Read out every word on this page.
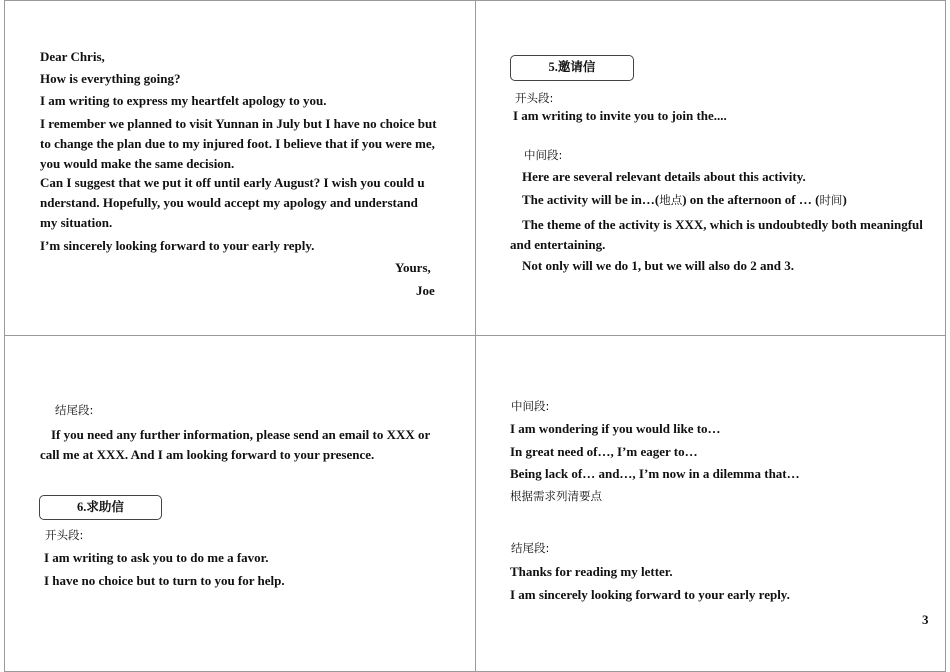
Dear Chris,
How is everything going?
I am writing to express my heartfelt apology to you.
I remember we planned to visit Yunnan in July but I have no choice but
to change the plan due to my injured foot. I believe that if you were me,
you would make the same decision.
Can I suggest that we put it off until early August? I wish you could u
nderstand. Hopefully, you would accept my apology and understand
my situation.
I’m sincerely looking forward to your early reply.
Yours,
Joe
5.邀请信
开头段:
I am writing to invite you to join the....
中间段:
Here are several relevant details about this activity.
The activity will be in…(地点) on the afternoon of … (时间)
The theme of the activity is XXX, which is undoubtedly both meaningful and entertaining.
Not only will we do 1, but we will also do 2 and 3.
结尾段:
If you need any further information, please send an email to XXX or call me at XXX. And I am looking forward to your presence.
6.求助信
开头段:
I am writing to ask you to do me a favor.
I have no choice but to turn to you for help.
中间段:
I am wondering if you would like to…
In great need of…, I’m eager to…
Being lack of… and…, I’m now in a dilemma that…
根据需求列清要点
结尾段:
Thanks for reading my letter.
I am sincerely looking forward to your early reply.
3
